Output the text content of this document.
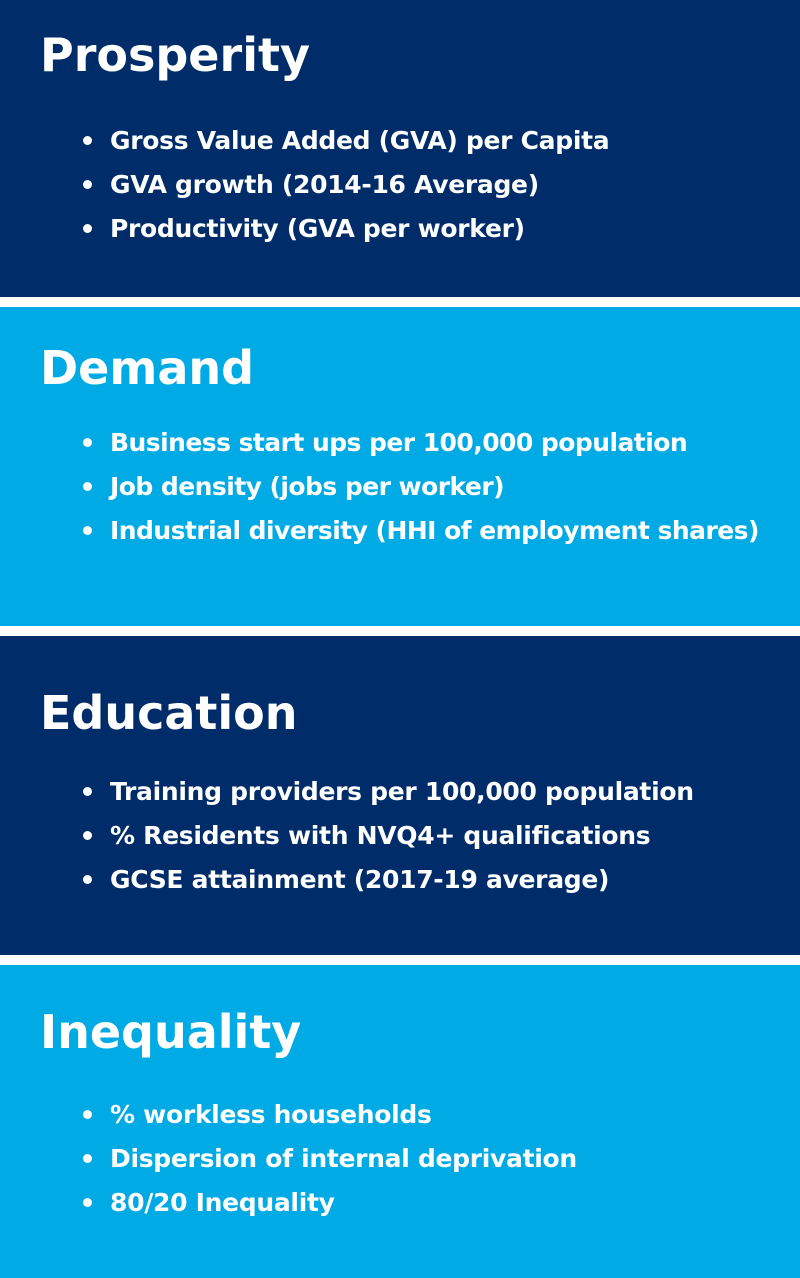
Prosperity
Gross Value Added (GVA) per Capita
GVA growth (2014-16 Average)
Productivity (GVA per worker)
Demand
Business start ups per 100,000 population
Job density (jobs per worker)
Industrial diversity (HHI of employment shares)
Education
Training providers per 100,000 population
% Residents with NVQ4+ qualifications
GCSE attainment (2017-19 average)
Inequality
% workless households
Dispersion of internal deprivation
80/20 Inequality
